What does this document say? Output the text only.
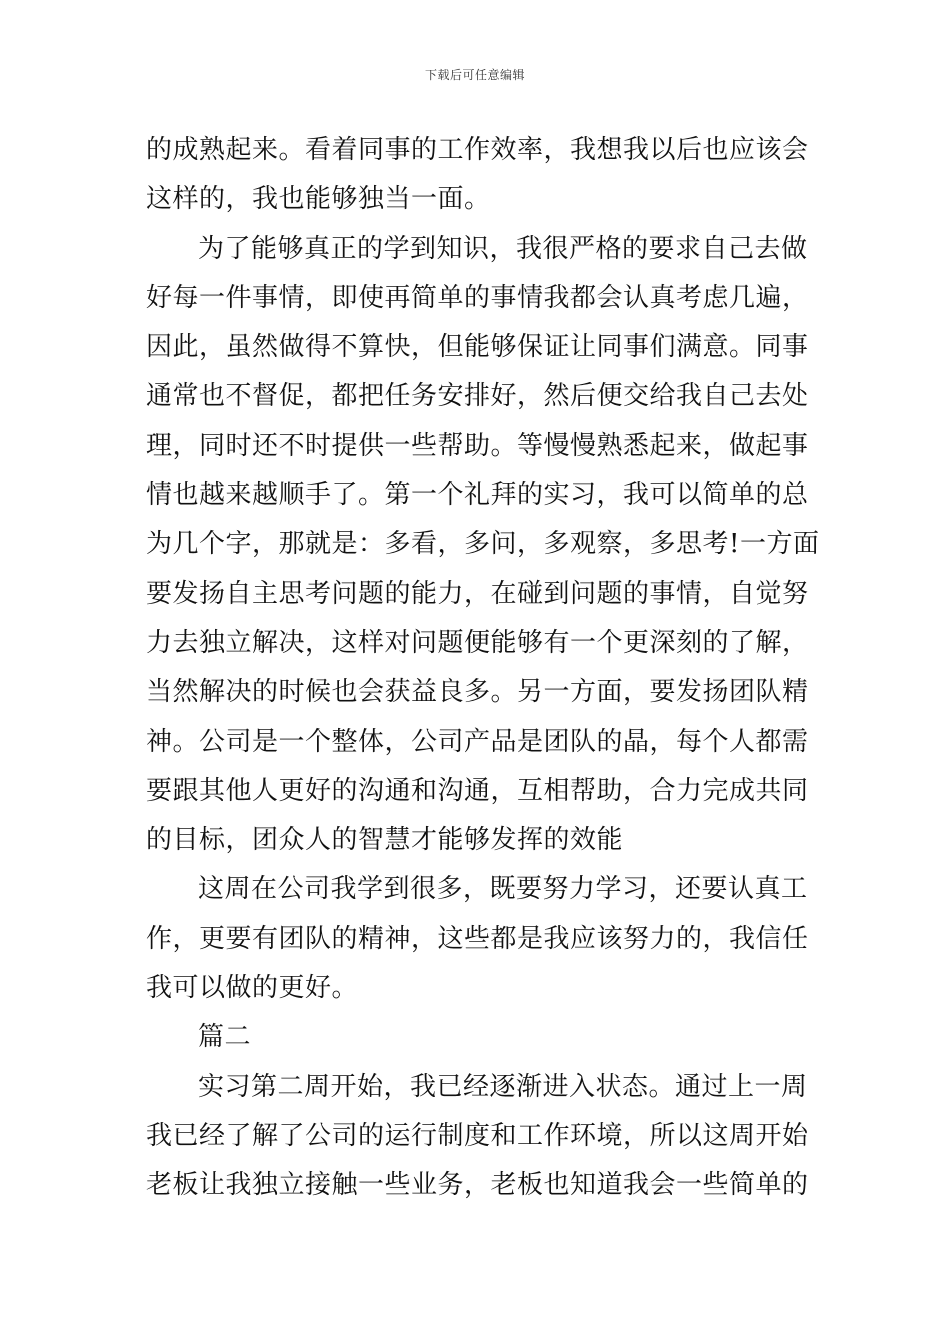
下载后可任意编辑
的成熟起来。看着同事的工作效率，我想我以后也应该会
这样的，我也能够独当一面。
为了能够真正的学到知识，我很严格的要求自己去做
好每一件事情，即使再简单的事情我都会认真考虑几遍，
因此，虽然做得不算快，但能够保证让同事们满意。同事
通常也不督促，都把任务安排好，然后便交给我自己去处
理，同时还不时提供一些帮助。等慢慢熟悉起来，做起事
情也越来越顺手了。第一个礼拜的实习，我可以简单的总
为几个字，那就是：多看，多问，多观察，多思考!一方面
要发扬自主思考问题的能力，在碰到问题的事情，自觉努
力去独立解决，这样对问题便能够有一个更深刻的了解，
当然解决的时候也会获益良多。另一方面，要发扬团队精
神。公司是一个整体，公司产品是团队的晶，每个人都需
要跟其他人更好的沟通和沟通，互相帮助，合力完成共同
的目标，团众人的智慧才能够发挥的效能
这周在公司我学到很多，既要努力学习，还要认真工
作，更要有团队的精神，这些都是我应该努力的，我信任
我可以做的更好。
篇二
实习第二周开始，我已经逐渐进入状态。通过上一周
我已经了解了公司的运行制度和工作环境，所以这周开始
老板让我独立接触一些业务，老板也知道我会一些简单的
